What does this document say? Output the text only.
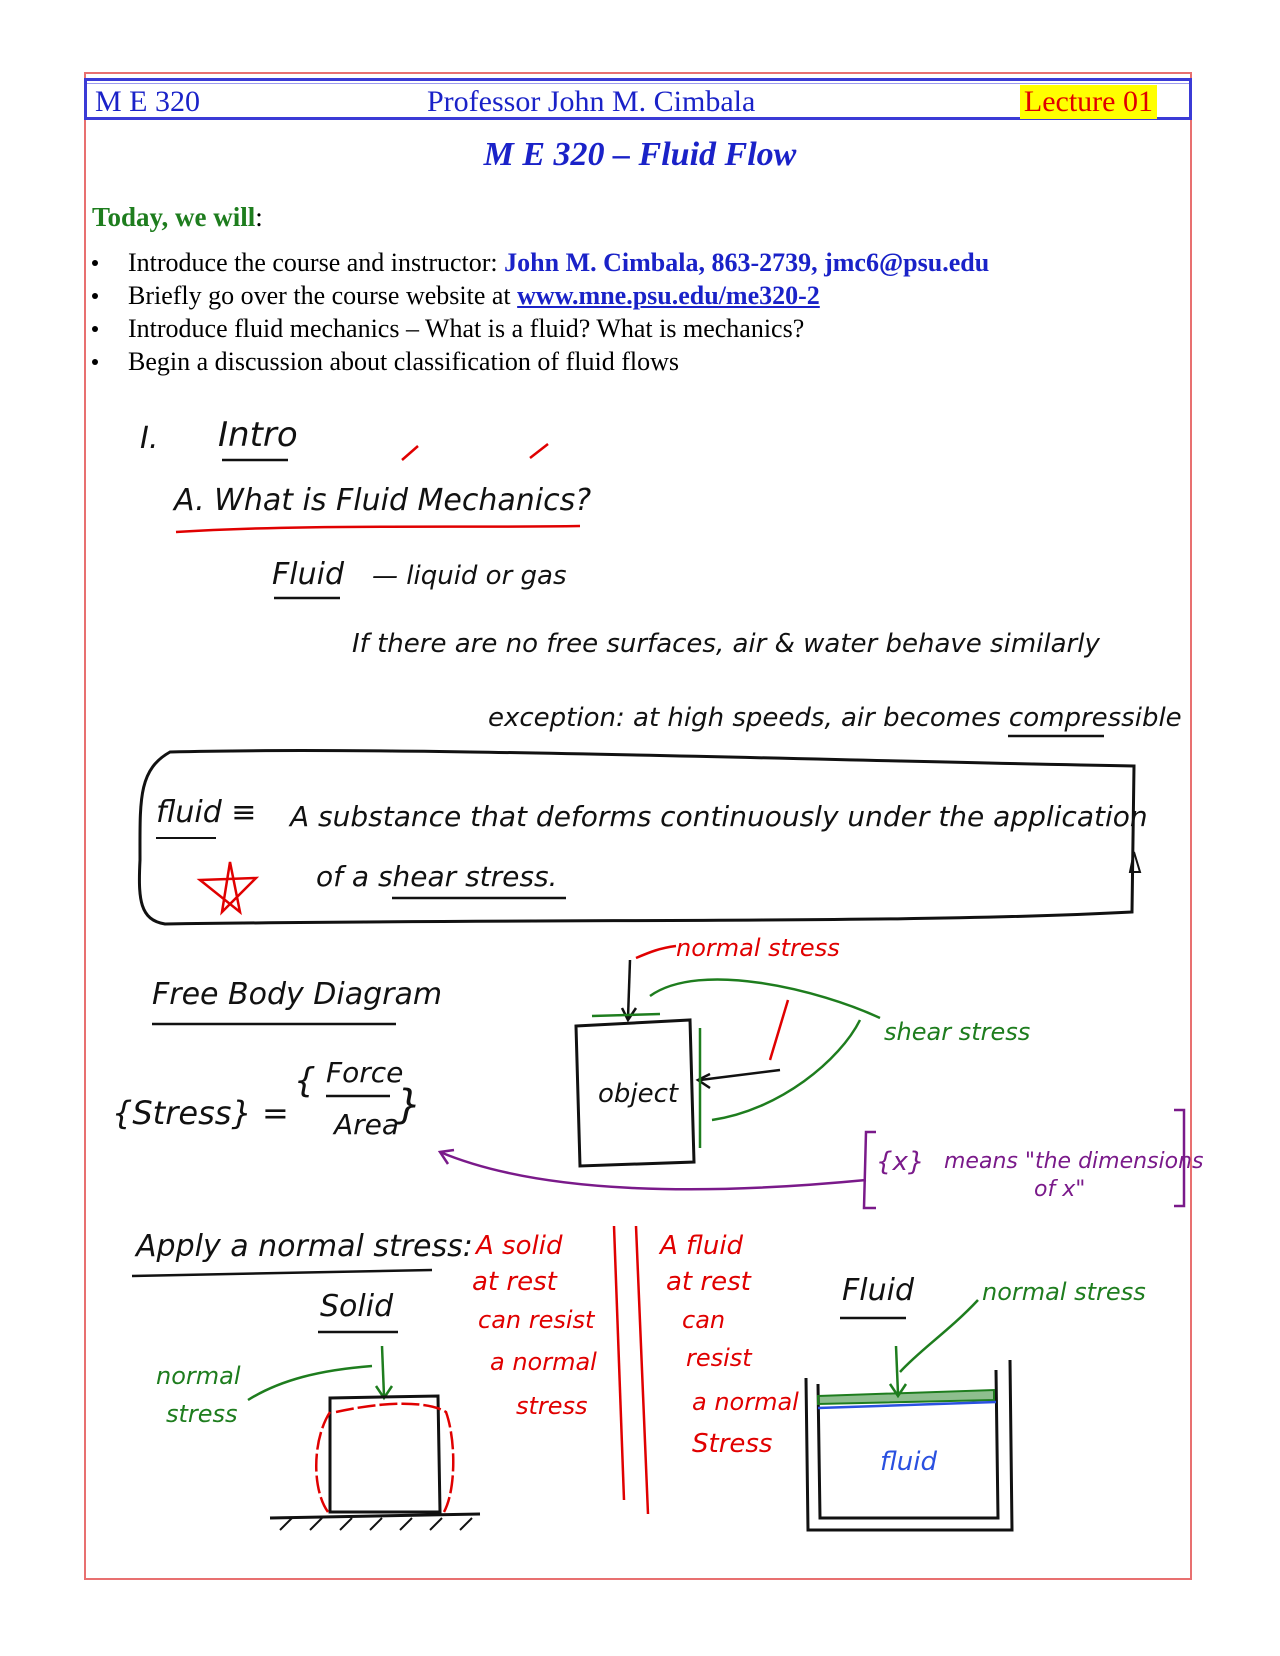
M E 320	Professor John M. Cimbala	Lecture 01
M E 320 – Fluid Flow
Today, we will:
Introduce the course and instructor: John M. Cimbala, 863-2739, jmc6@psu.edu
Briefly go over the course website at www.mne.psu.edu/me320-2
Introduce fluid mechanics – What is a fluid? What is mechanics?
Begin a discussion about classification of fluid flows
I. Intro
A. What is Fluid Mechanics?
Fluid — liquid or gas
If there are no free surfaces, air & water behave similarly
exception: at high speeds, air becomes compressible
fluid ≡ A substance that deforms continuously under the application
of a shear stress.
Free Body Diagram
{Stress} =
{ Force
Area
}	object
normal stress
shear stress
{x} means "the dimensions
of x"
Apply a normal stress:
Solid
normal
stress
A solid
at rest
can resist
a normal
stress
A fluid
at rest
can
resist
a normal
Stress
Fluid	normal stress
fluid
